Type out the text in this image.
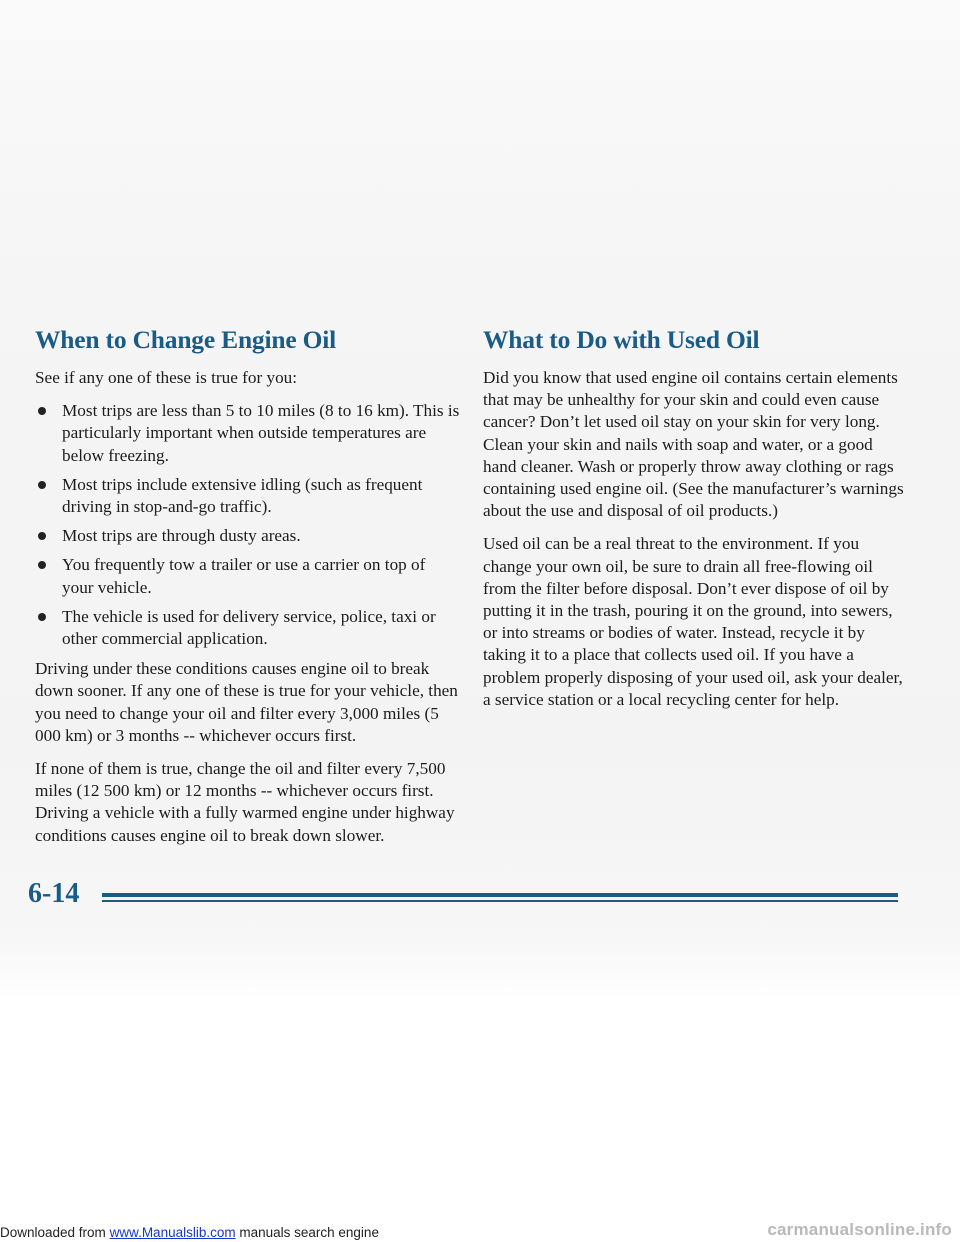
When to Change Engine Oil

See if any one of these is true for you:

Most trips are less than 5 to 10 miles (8 to 16 km). This is particularly important when outside temperatures are below freezing.
Most trips include extensive idling (such as frequent driving in stop-and-go traffic).
Most trips are through dusty areas.
You frequently tow a trailer or use a carrier on top of your vehicle.
The vehicle is used for delivery service, police, taxi or other commercial application.

Driving under these conditions causes engine oil to break down sooner. If any one of these is true for your vehicle, then you need to change your oil and filter every 3,000 miles (5 000 km) or 3 months -- whichever occurs first.

If none of them is true, change the oil and filter every 7,500 miles (12 500 km) or 12 months -- whichever occurs first. Driving a vehicle with a fully warmed engine under highway conditions causes engine oil to break down slower.

What to Do with Used Oil

Did you know that used engine oil contains certain elements that may be unhealthy for your skin and could even cause cancer? Don’t let used oil stay on your skin for very long. Clean your skin and nails with soap and water, or a good hand cleaner. Wash or properly throw away clothing or rags containing used engine oil. (See the manufacturer’s warnings about the use and disposal of oil products.)

Used oil can be a real threat to the environment. If you change your own oil, be sure to drain all free-flowing oil from the filter before disposal. Don’t ever dispose of oil by putting it in the trash, pouring it on the ground, into sewers, or into streams or bodies of water. Instead, recycle it by taking it to a place that collects used oil. If you have a problem properly disposing of your used oil, ask your dealer, a service station or a local recycling center for help.

6-14
Downloaded from www.Manualslib.com manuals search engine	carmanualsonline.info
